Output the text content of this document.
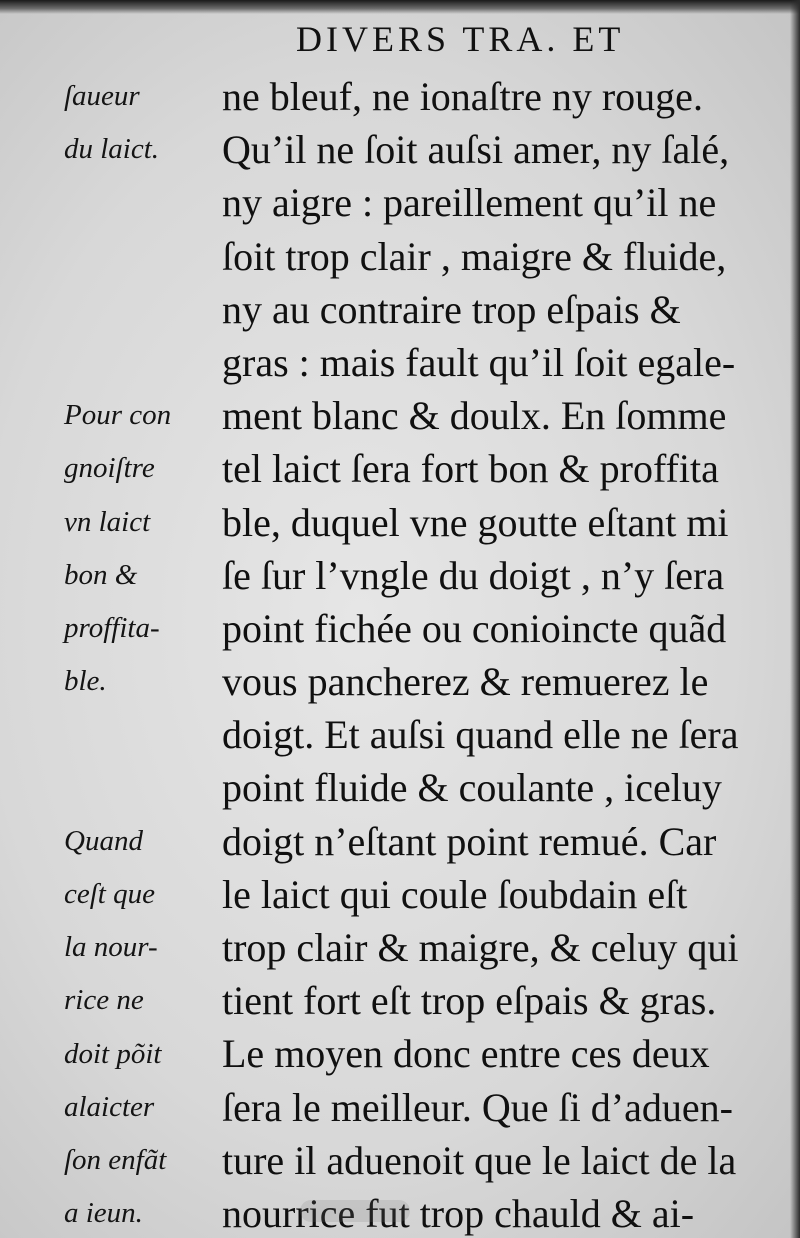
DIVERS TRA. ET
ne bleuf, ne ionaſtre ny rouge.
Qu’il ne ſoit auſsi amer, ny ſalé,
ny aigre : pareillement qu’il ne
ſoit trop clair , maigre & fluide,
ny au contraire trop eſpais &
gras : mais fault qu’il ſoit egale-
ment blanc & doulx. En ſomme
tel laict ſera fort bon & proffita
ble, duquel vne goutte eſtant mi
ſe ſur l’vngle du doigt , n’y ſera
point fichée ou conioincte quãd
vous pancherez & remuerez le
doigt. Et auſsi quand elle ne ſera
point fluide & coulante , iceluy
doigt n’eſtant point remué. Car
le laict qui coule ſoubdain eſt
trop clair & maigre, & celuy qui
tient fort eſt trop eſpais & gras.
Le moyen donc entre ces deux
ſera le meilleur. Que ſi d’aduen-
ture il aduenoit que le laict de la
nourrice fut trop chauld & ai-
ſaueur
du laict.
Pour con
gnoiſtre
vn laict
bon &
proffita-
ble.
Quand
ceſt que
la nour-
rice ne
doit põit
alaicter
ſon enfãt
a ieun.
